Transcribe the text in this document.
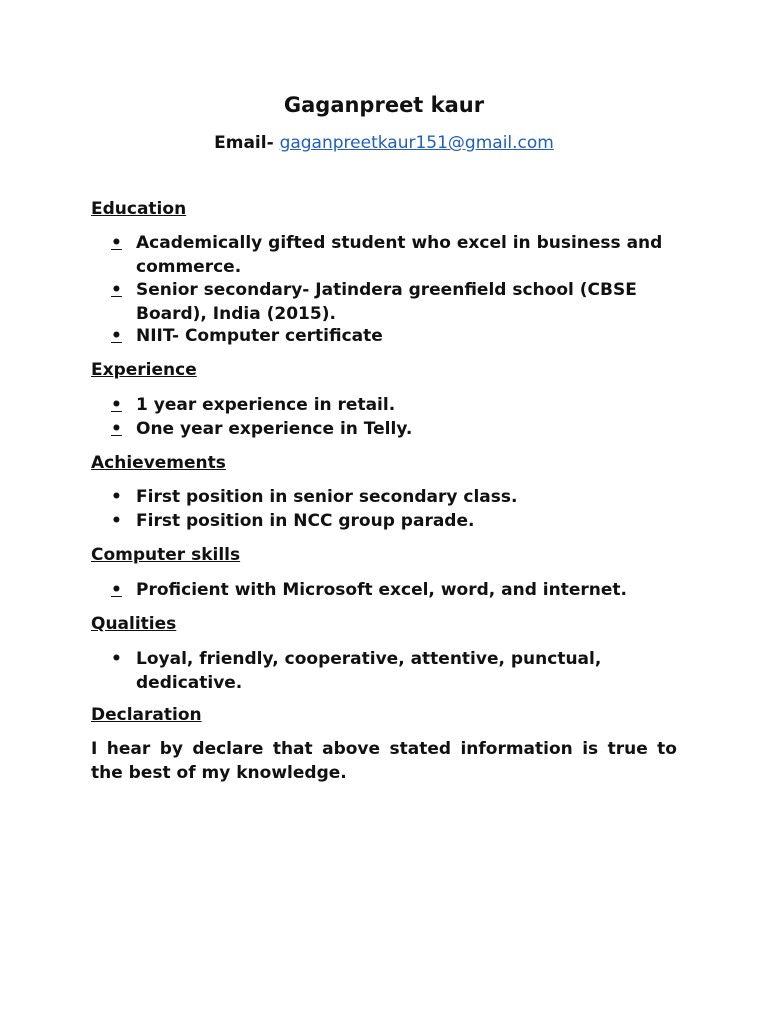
Gaganpreet kaur
Email- gaganpreetkaur151@gmail.com
Education
• Academically gifted student who excel in business and commerce.
• Senior secondary- Jatindera greenfield school (CBSE Board), India (2015).
• NIIT- Computer certificate
Experience
• 1 year experience in retail.
• One year experience in Telly.
Achievements
• First position in senior secondary class.
• First position in NCC group parade.
Computer skills
• Proficient with Microsoft excel, word, and internet.
Qualities
• Loyal, friendly, cooperative, attentive, punctual, dedicative.
Declaration
I hear by declare that above stated information is true to the best of my knowledge.
